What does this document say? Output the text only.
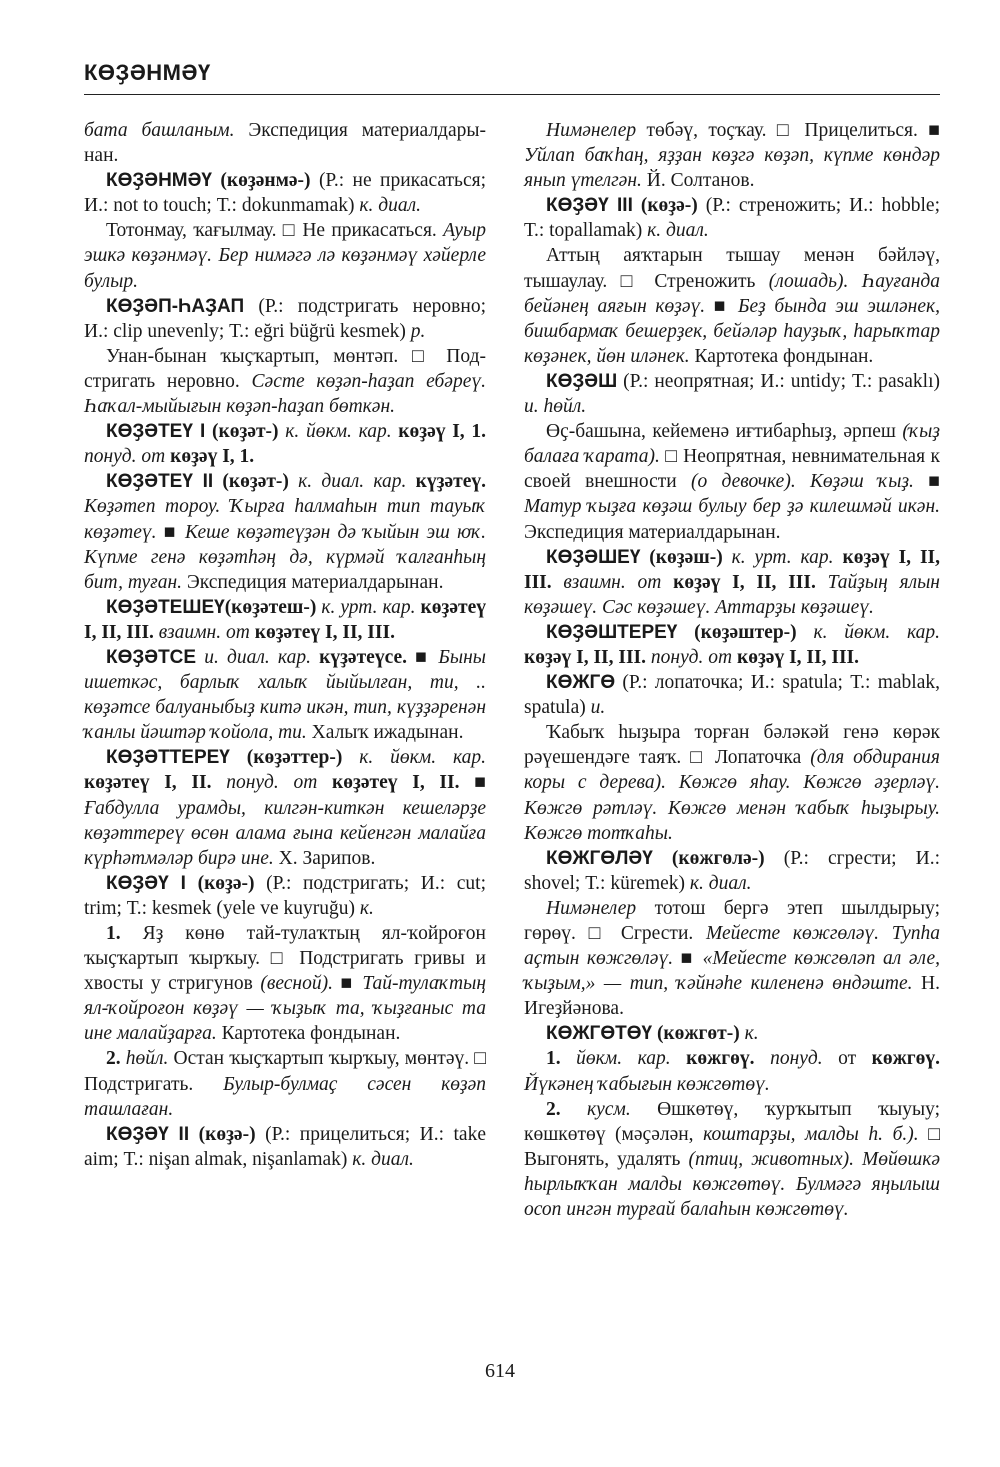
КӨҘӘНМӘҮ

бата башланым. Экспедиция материалдарынан.

КӨҘӘНМӘҮ (көҙәнмә-) (Р.: не прикасаться; И.: not to touch; Т.: dokunmamak) к. диал.

Тотонмау, ҡағылмау. □ Не прикасаться. Ауыр эшкә көҙәнмәү. Бер нимәгә лә көҙәнмәү хәйерле булыр.

КӨҘӘП-ҺАҘАП (Р.: подстригать неровно; И.: clip unevenly; Т.: eğri büğrü kesmek) р.

Унан-бынан ҡыҫҡартып, мөнтәп. □ Подстригать неровно. Сәсте көҙәп-һаҙап ебәреү. Һаҡал-мыйығын көҙәп-һаҙап бөткән.

КӨҘӘТЕҮ I (көҙәт-) к. йөкм. кар. көҙәү I, 1. понуд. от көҙәү I, 1.

КӨҘӘТЕҮ II (көҙәт-) к. диал. кар. күҙәтеү. Көҙәтеп тороу. Ҡырға һалмаһын тип тауыҡ көҙәтеү. ■ Кеше көҙәтеүҙән дә ҡыйын эш юҡ. Күпме генә көҙәтһәң дә, күрмәй ҡалғанһың бит, туған. Экспедиция материалдарынан.

КӨҘӘТЕШЕҮ(көҙәтеш-) к. урт. кар. көҙәтеү I, II, III. взаимн. от көҙәтеү I, II, III.

КӨҘӘТСЕ и. диал. кар. күҙәтеүсе. ■ Быны ишеткәс, барлыҡ халыҡ йыйылған, ти, .. көҙәтсе балуаныбыҙ китә икән, тип, күҙҙәренән ҡанлы йәштәр ҡойола, ти. Халыҡ ижадынан.

КӨҘӘТТЕРЕҮ (көҙәттер-) к. йөкм. кар. көҙәтеү I, II. понуд. от көҙәтеү I, II. ■ Ғабдулла урамды, килгән-киткән кешеләрҙе көҙәттереү өсөн алама ғына кейенгән малайға күрһәтмәләр бирә ине. Х. Зарипов.

КӨҘӘҮ I (көҙә-) (Р.: подстригать; И.: cut; trim; Т.: kesmek (yele ve kuyruğu) к.

1. Яҙ көнө тай-тулаҡтың ял-ҡойроғон ҡыҫҡартып ҡырҡыу. □ Подстригать гривы и хвосты у стригунов (весной). ■ Тай-тулаҡтың ял-ҡойроғон көҙәү — ҡыҙыҡ та, ҡыҙғаныс та ине малайҙарға. Картотека фондынан.

2. һөйл. Остан ҡыҫҡартып ҡырҡыу, мөнтәү. □ Подстригать. Булыр-булмаҫ сәсен көҙәп ташлаған.

КӨҘӘҮ II (көҙә-) (Р.: прицелиться; И.: take aim; Т.: nişan almak, nişanlamak) к. диал.

Нимәнелер төбәү, тоҫҡау. □ Прицелиться. ■ Уйлап баҡһаң, яҙҙан көҙгә көҙәп, күпме көндәр янып үтелгән. Й. Солтанов.

КӨҘӘҮ III (көҙә-) (Р.: стреножить; И.: hobble; Т.: topallamak) к. диал.

Аттың аяҡтарын тышау менән бәйләү, тышаулау. □ Стреножить (лошадь). Һауғанда бейәнең аяғын көҙәү. ■ Беҙ бында эш эшләнек, бишбармаҡ бешерҙек, бейәләр һауҙыҡ, һарыҡтар көҙәнек, йөн иләнек. Картотека фондынан.

КӨҘӘШ (Р.: неопрятная; И.: untidy; Т.: pasaklı) и. һөйл.

Өҫ-башына, кейеменә иғтибарһыҙ, әрпеш (ҡыҙ балаға ҡарата). □ Неопрятная, невнимательная к своей внешности (о девочке). Көҙәш ҡыҙ. ■ Матур ҡыҙға көҙәш булыу бер ҙә килешмәй икән. Экспедиция материалдарынан.

КӨҘӘШЕҮ (көҙәш-) к. урт. кар. көҙәү I, II, III. взаимн. от көҙәү I, II, III. Тайҙың ялын көҙәшеү. Сәс көҙәшеү. Аттарҙы көҙәшеү.

КӨҘӘШТЕРЕҮ (көҙәштер-) к. йөкм. кар. көҙәү I, II, III. понуд. от көҙәү I, II, III.

КӨЖГӨ (Р.: лопаточка; И.: spatula; Т.: mablak, spatula) и.

Ҡабыҡ һыҙыра торған бәләкәй генә көрәк рәүешендәге таяҡ. □ Лопаточка (для обдирания коры с дерева). Көжгө яһау. Көжгө әҙерләү. Көжгө рәтләү. Көжгө менән ҡабыҡ һыҙырыу. Көжгө тотҡаһы.

КӨЖГӨЛӘҮ (көжгөлә-) (Р.: сгрести; И.: shovel; Т.: küremek) к. диал.

Нимәнелер тотош бергә этеп шылдырыу; гөрөү. □ Сгрести. Мейесте көжгөләү. Тупһа аҫтын көжгөләү. ■ «Мейесте көжгөләп ал әле, ҡыҙым,» — тип, ҡәйнәһе килененә өндәште. Н. Игеҙйәнова.

КӨЖГӨТӨҮ (көжгөт-) к.

1. йөкм. кар. көжгөү. понуд. от көжгөү. Йүкәнең ҡабығын көжгөтөү.

2. кусм. Өшкөтөү, ҡурҡытып ҡыуыу; көшкөтөү (мәҫәлән, коштарҙы, малды һ. б.). □ Выгонять, удалять (птиц, животных). Мөйөшкә һырлыҡҡан малды көжгөтөү. Булмәгә яңылыш осоп ингән турғай балаһын көжгөтөү.

614
